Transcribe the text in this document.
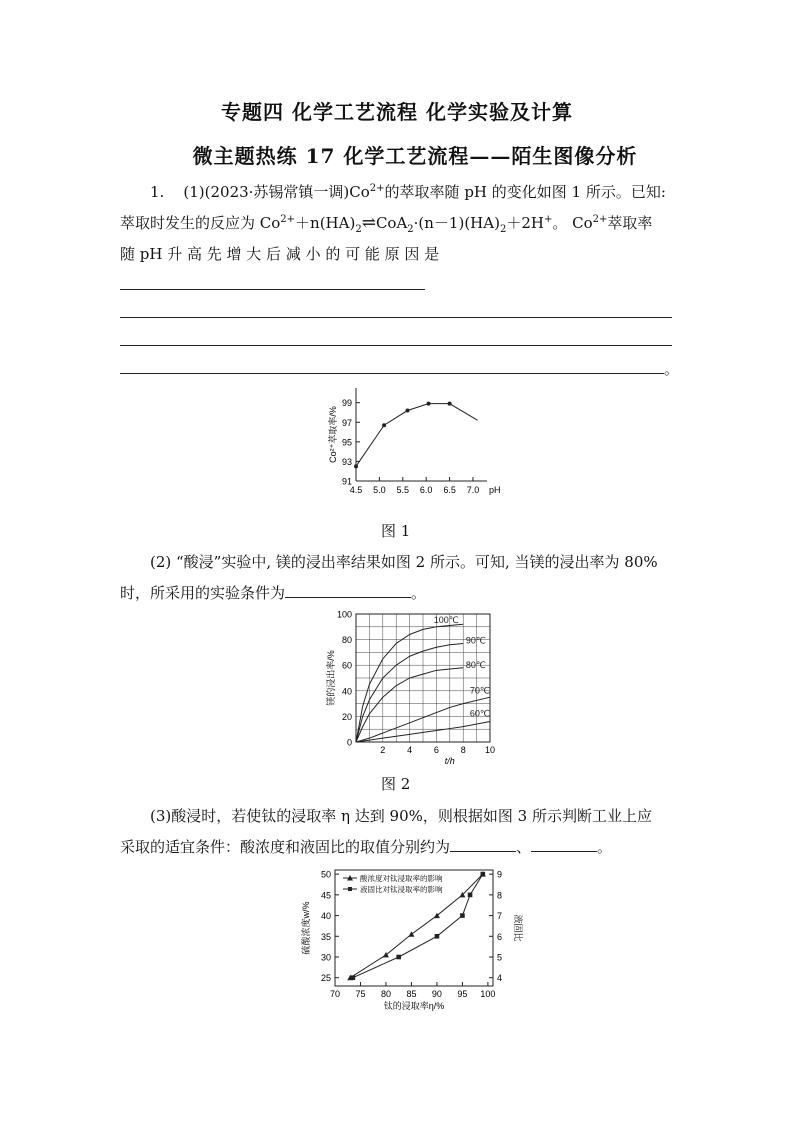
专题四 化学工艺流程 化学实验及计算
微主题热练 17 化学工艺流程——陌生图像分析
1. (1)(2023·苏锡常镇一调)$Co^{2+}$的萃取率随 pH 的变化如图 1 所示。已知:
萃取时发生的反应为 $Co^{2+}+n(HA)_2\rightleftharpoons CoA_2\cdot(n-1)(HA)_2+2H^+$。 $Co^{2+}$萃取率
随 pH 升 高 先 增 大 后 减 小 的 可 能 原 因 是
。
91
93
95
97
99
4.5 5.0 5.5 6.0 6.5 7.0 pH
Co²⁺萃取率/%
图 1
(2) “酸浸”实验中, 镁的浸出率结果如图 2 所示。可知, 当镁的浸出率为 80%
时，所采用的实验条件为	。
0
20
40
60
80
100
2 4 6 8 10
t/h
镁的浸出率/%
100℃
90℃
80℃
70℃
60℃
图 2
(3)酸浸时，若使钛的浸取率 η 达到 90%，则根据如图 3 所示判断工业上应
采取的适宜条件：酸浓度和液固比的取值分别约为	、	。
25
30
35
40
45
50
4
5
6
7
8
9
70 75 80 85 90 95 100
钛的浸取率η/%
硫酸浓度w/%	液固比
酸浓度对钛浸取率的影响
液固比对钛浸取率的影响
